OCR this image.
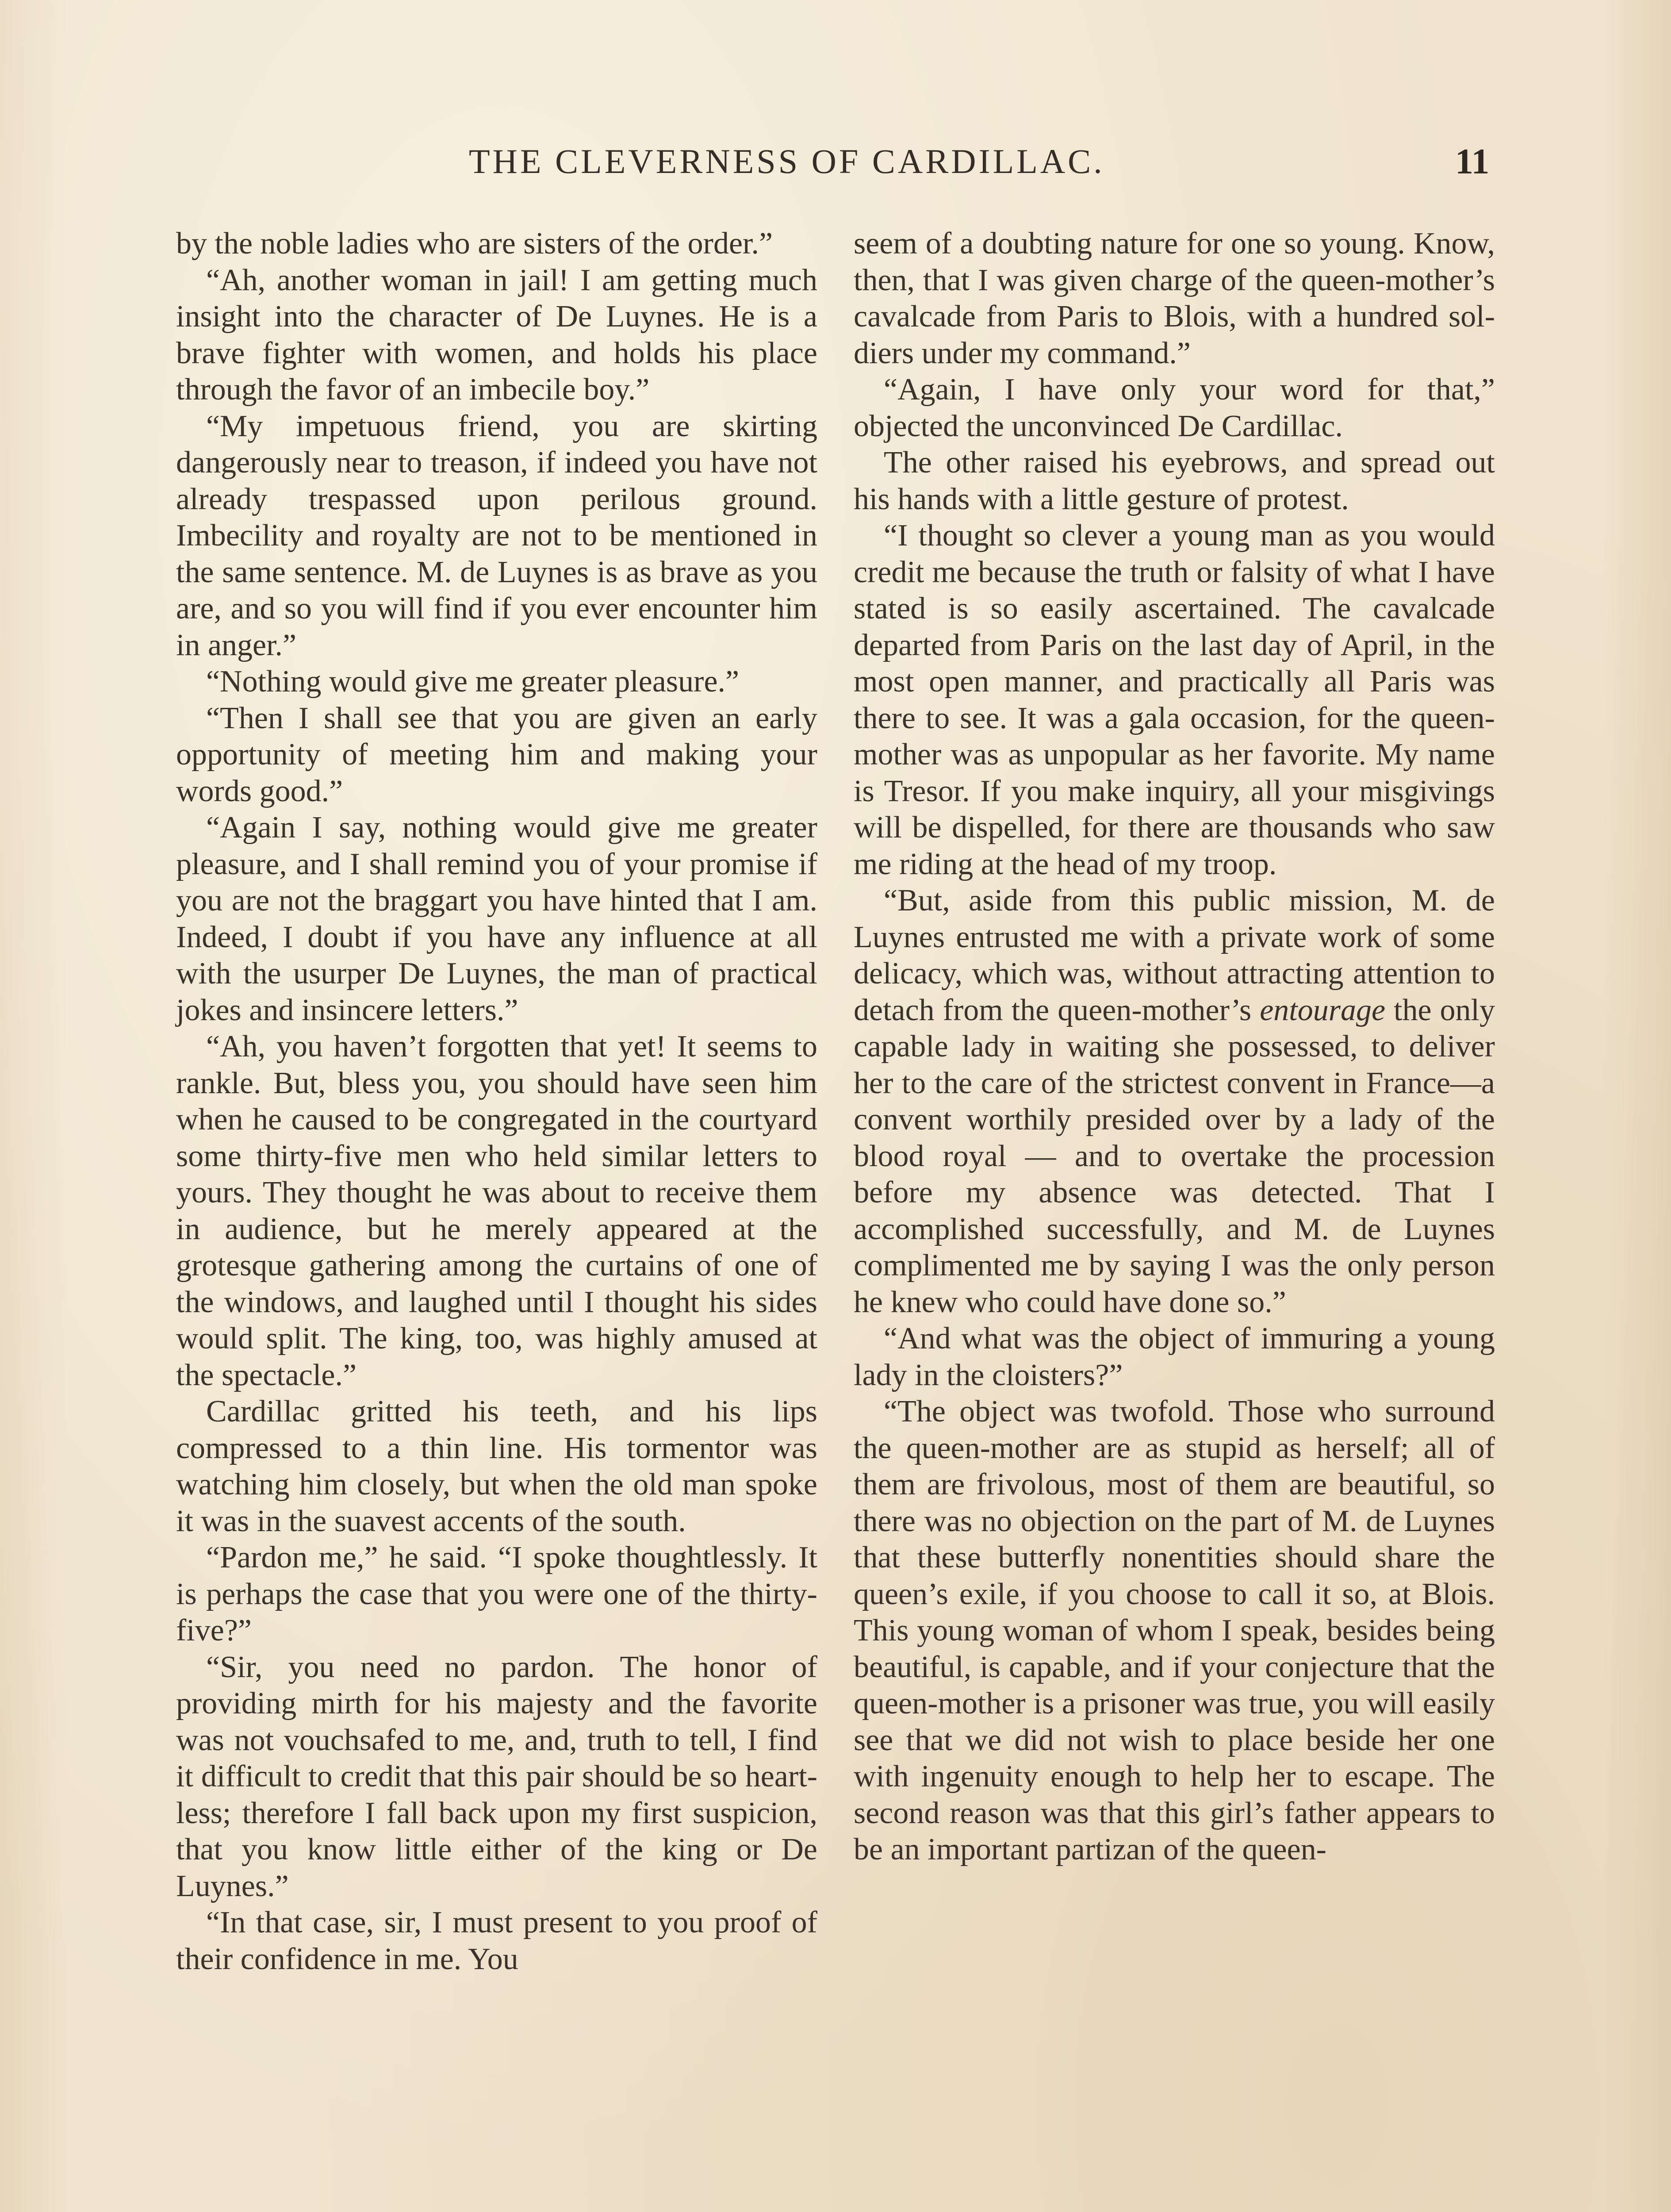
THE CLEVERNESS OF CARDILLAC.	11

by the noble ladies who are sisters of the order.”

“Ah, another woman in jail! I am getting much insight into the character of De Luynes. He is a brave fighter with women, and holds his place through the favor of an imbecile boy.”

“My impetuous friend, you are skirting dangerously near to treason, if indeed you have not already trespassed upon perilous ground. Imbecility and royalty are not to be mentioned in the same sentence. M. de Luynes is as brave as you are, and so you will find if you ever encounter him in anger.”

“Nothing would give me greater pleasure.”

“Then I shall see that you are given an early opportunity of meeting him and making your words good.”

“Again I say, nothing would give me greater pleasure, and I shall remind you of your promise if you are not the braggart you have hinted that I am. Indeed, I doubt if you have any influence at all with the usurper De Luynes, the man of practical jokes and insincere letters.”

“Ah, you haven’t forgotten that yet! It seems to rankle. But, bless you, you should have seen him when he caused to be congregated in the courtyard some thirty-five men who held similar letters to yours. They thought he was about to receive them in audience, but he merely appeared at the grotesque gathering among the curtains of one of the windows, and laughed until I thought his sides would split. The king, too, was highly amused at the spectacle.”

Cardillac gritted his teeth, and his lips compressed to a thin line. His tormentor was watching him closely, but when the old man spoke it was in the suavest accents of the south.

“Pardon me,” he said. “I spoke thoughtlessly. It is perhaps the case that you were one of the thirty-five?”

“Sir, you need no pardon. The honor of providing mirth for his majesty and the favorite was not vouchsafed to me, and, truth to tell, I find it difficult to credit that this pair should be so heartless; therefore I fall back upon my first suspicion, that you know little either of the king or De Luynes.”

“In that case, sir, I must present to you proof of their confidence in me. You

seem of a doubting nature for one so young. Know, then, that I was given charge of the queen-mother’s cavalcade from Paris to Blois, with a hundred soldiers under my command.”

“Again, I have only your word for that,” objected the unconvinced De Cardillac.

The other raised his eyebrows, and spread out his hands with a little gesture of protest.

“I thought so clever a young man as you would credit me because the truth or falsity of what I have stated is so easily ascertained. The cavalcade departed from Paris on the last day of April, in the most open manner, and practically all Paris was there to see. It was a gala occasion, for the queen-mother was as unpopular as her favorite. My name is Tresor. If you make inquiry, all your misgivings will be dispelled, for there are thousands who saw me riding at the head of my troop.

“But, aside from this public mission, M. de Luynes entrusted me with a private work of some delicacy, which was, without attracting attention to detach from the queen-mother’s entourage the only capable lady in waiting she possessed, to deliver her to the care of the strictest convent in France—a convent worthily presided over by a lady of the blood royal — and to overtake the procession before my absence was detected. That I accomplished successfully, and M. de Luynes complimented me by saying I was the only person he knew who could have done so.”

“And what was the object of immuring a young lady in the cloisters?”

“The object was twofold. Those who surround the queen-mother are as stupid as herself; all of them are frivolous, most of them are beautiful, so there was no objection on the part of M. de Luynes that these butterfly nonentities should share the queen’s exile, if you choose to call it so, at Blois. This young woman of whom I speak, besides being beautiful, is capable, and if your conjecture that the queen-mother is a prisoner was true, you will easily see that we did not wish to place beside her one with ingenuity enough to help her to escape. The second reason was that this girl’s father appears to be an important partizan of the queen-
